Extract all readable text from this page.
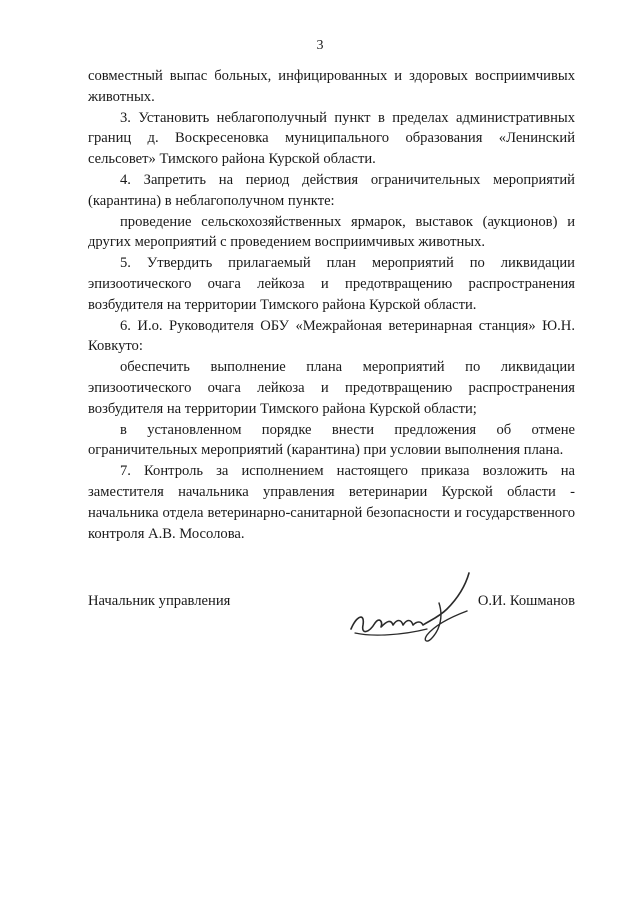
3

совместный выпас больных, инфицированных и здоровых восприимчивых животных.

3. Установить неблагополучный пункт в пределах административных границ д. Воскресеновка муниципального образования «Ленинский сельсовет» Тимского района Курской области.

4. Запретить на период действия ограничительных мероприятий (карантина) в неблагополучном пункте:

проведение сельскохозяйственных ярмарок, выставок (аукционов) и других мероприятий с проведением восприимчивых животных.

5. Утвердить прилагаемый план мероприятий по ликвидации эпизоотического очага лейкоза и предотвращению распространения возбудителя на территории Тимского района Курской области.

6. И.о. Руководителя ОБУ «Межрайоная ветеринарная станция» Ю.Н. Ковкуто:

обеспечить выполнение плана мероприятий по ликвидации эпизоотического очага лейкоза и предотвращению распространения возбудителя на территории Тимского района Курской области;

в установленном порядке внести предложения об отмене ограничительных мероприятий (карантина) при условии выполнения плана.

7. Контроль за исполнением настоящего приказа возложить на заместителя начальника управления ветеринарии Курской области - начальника отдела ветеринарно-санитарной безопасности и государственного контроля А.В. Мосолова.

Начальник управления	О.И. Кошманов
